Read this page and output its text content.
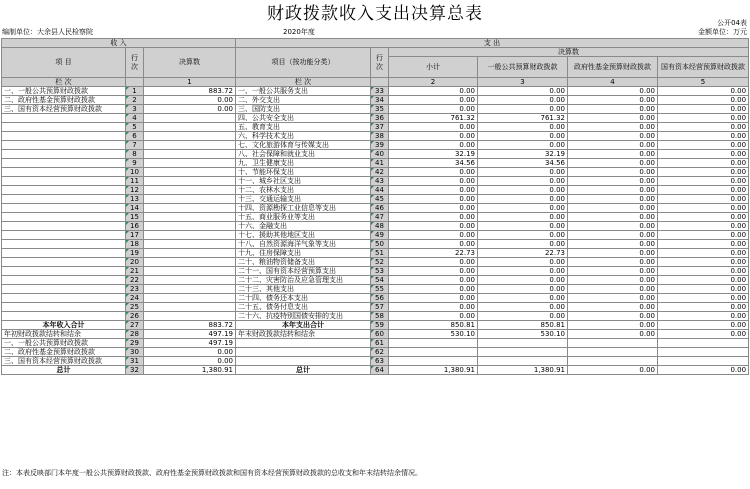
财政拨款收入支出决算总表	公开04表
编制单位：大余县人民检察院	2020年度	金额单位：万元
收 入			支 出					
项 目	行次	决算数	项目（按功能分类）	行次	决算数			
					小计	一般公共预算财政拨款	政府性基金预算财政拨款	国有资本经营预算财政拨款

栏 次		1	栏 次		2	3	4	5
一、一般公共预算财政拨款	1	883.72	一、一般公共服务支出	33	0.00	0.00	0.00	0.00
二、政府性基金预算财政拨款	2	0.00	二、外交支出	34	0.00	0.00	0.00	0.00
三、国有资本经营预算财政拨款	3	0.00	三、国防支出	35	0.00	0.00	0.00	0.00
	4		四、公共安全支出	36	761.32	761.32	0.00	0.00
	5		五、教育支出	37	0.00	0.00	0.00	0.00
	6		六、科学技术支出	38	0.00	0.00	0.00	0.00
	7		七、文化旅游体育与传媒支出	39	0.00	0.00	0.00	0.00
	8		八、社会保障和就业支出	40	32.19	32.19	0.00	0.00
	9		九、卫生健康支出	41	34.56	34.56	0.00	0.00
	10		十、节能环保支出	42	0.00	0.00	0.00	0.00
	11		十一、城乡社区支出	43	0.00	0.00	0.00	0.00
	12		十二、农林水支出	44	0.00	0.00	0.00	0.00
	13		十三、交通运输支出	45	0.00	0.00	0.00	0.00
	14		十四、资源勘探工业信息等支出	46	0.00	0.00	0.00	0.00
	15		十五、商业服务业等支出	47	0.00	0.00	0.00	0.00
	16		十六、金融支出	48	0.00	0.00	0.00	0.00
	17		十七、援助其他地区支出	49	0.00	0.00	0.00	0.00
	18		十八、自然资源海洋气象等支出	50	0.00	0.00	0.00	0.00
	19		十九、住房保障支出	51	22.73	22.73	0.00	0.00
	20		二十、粮油物资储备支出	52	0.00	0.00	0.00	0.00
	21		二十一、国有资本经营预算支出	53	0.00	0.00	0.00	0.00
	22		二十二、灾害防治及应急管理支出	54	0.00	0.00	0.00	0.00
	23		二十三、其他支出	55	0.00	0.00	0.00	0.00
	24		二十四、债务还本支出	56	0.00	0.00	0.00	0.00
	25		二十五、债务付息支出	57	0.00	0.00	0.00	0.00
	26		二十六、抗疫特别国债安排的支出	58	0.00	0.00	0.00	0.00
本年收入合计	27	883.72	本年支出合计	59	850.81	850.81	0.00	0.00
年初财政拨款结转和结余	28	497.19	年末财政拨款结转和结余	60	530.10	530.10	0.00	0.00
一、一般公共预算财政拨款	29	497.19		61				
二、政府性基金预算财政拨款	30	0.00		62				
三、国有资本经营预算财政拨款	31	0.00		63				
总计	32	1,380.91	总计	64	1,380.91	1,380.91	0.00	0.00
注：本表反映部门本年度一般公共预算财政拨款、政府性基金预算财政拨款和国有资本经营预算财政拨款的总收支和年末结转结余情况。
